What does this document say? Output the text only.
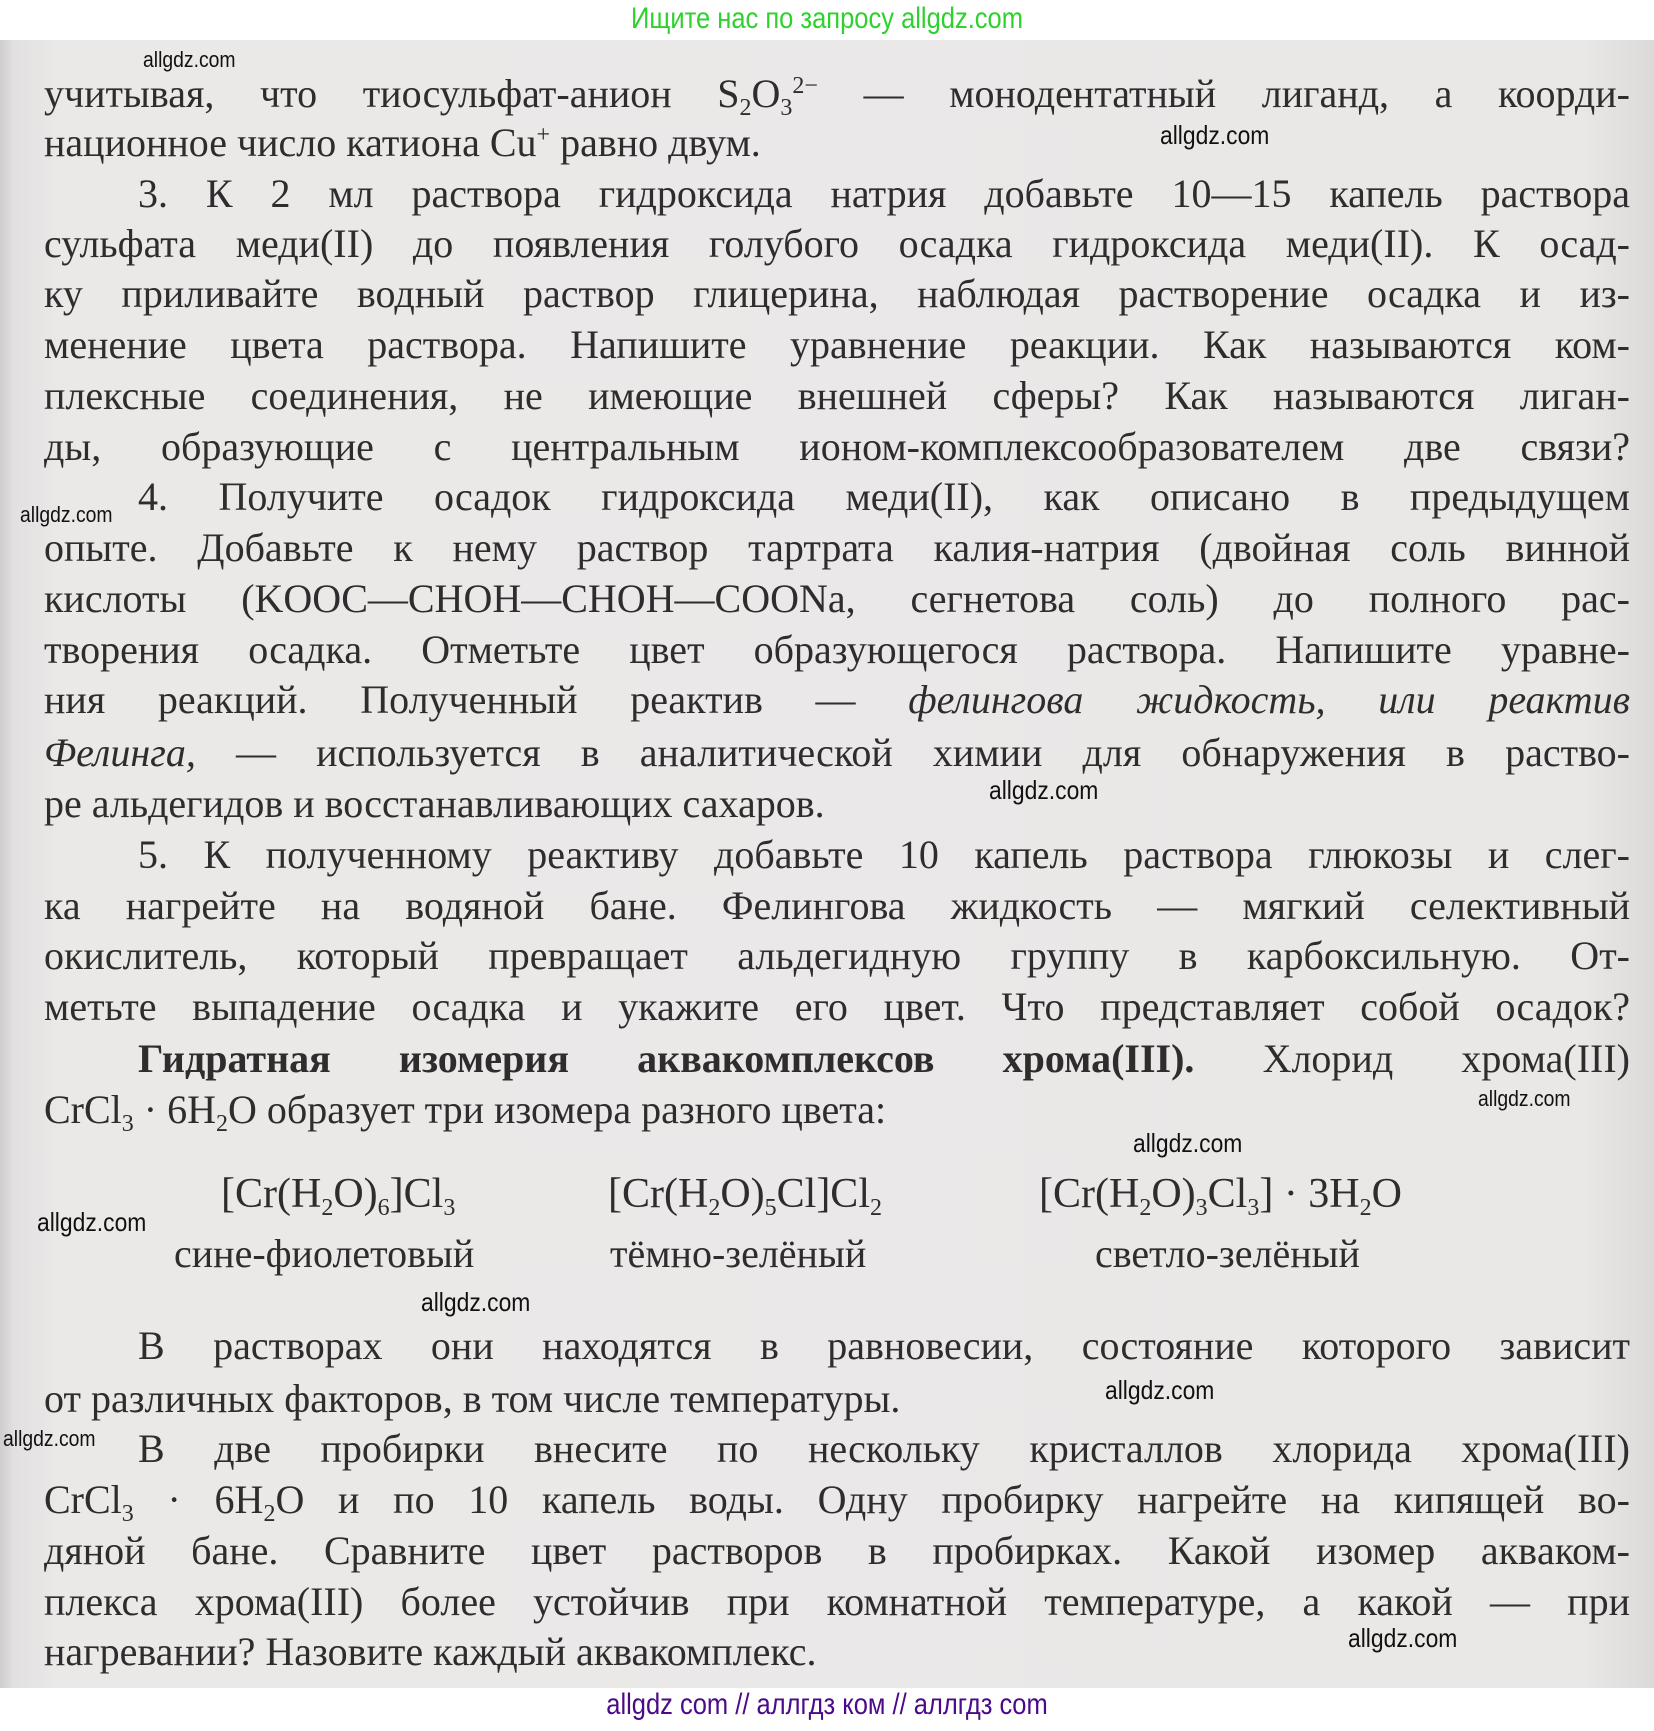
Ищите нас по запросу allgdz.com
учитывая, что тиосульфат-анион $S_2O_3^{2-}$ — монодентатный лиганд, а коорди-
национное число катиона Cu+ равно двум.
3. К 2 мл раствора гидроксида натрия добавьте 10—15 капель раствора
сульфата меди(II) до появления голубого осадка гидроксида меди(II). К осад-
ку приливайте водный раствор глицерина, наблюдая растворение осадка и из-
менение цвета раствора. Напишите уравнение реакции. Как называются ком-
плексные соединения, не имеющие внешней сферы? Как называются лиган-
ды, образующие с центральным ионом-комплексообразователем две связи?
4. Получите осадок гидроксида меди(II), как описано в предыдущем
опыте. Добавьте к нему раствор тартрата калия-натрия (двойная соль винной
кислоты (KOOC—CHOH—CHOH—COONa, сегнетова соль) до полного рас-
творения осадка. Отметьте цвет образующегося раствора. Напишите уравне-
ния реакций. Полученный реактив — фелингова жидкость, или реактив
Фелинга, — используется в аналитической химии для обнаружения в раство-
ре альдегидов и восстанавливающих сахаров.
5. К полученному реактиву добавьте 10 капель раствора глюкозы и слег-
ка нагрейте на водяной бане. Фелингова жидкость — мягкий селективный
окислитель, который превращает альдегидную группу в карбоксильную. От-
метьте выпадение осадка и укажите его цвет. Что представляет собой осадок?
Гидратная изомерия аквакомплексов хрома(III). Хлорид хрома(III)
CrCl$_3$ · $6H_2O$ образует три изомера разного цвета:
В растворах они находятся в равновесии, состояние которого зависит
от различных факторов, в том числе температуры.
В две пробирки внесите по нескольку кристаллов хлорида хрома(III)
CrCl$_3$ · $6H_2O$ и по 10 капель воды. Одну пробирку нагрейте на кипящей во-
дяной бане. Сравните цвет растворов в пробирках. Какой изомер аквaком-
плекса хрома(III) более устойчив при комнатной температуре, а какой — при
нагревании? Назовите каждый аквакомплекс.
$[Cr(H_2O)_6]Cl_3$
сине-фиолетовый
$[Cr(H_2O)_5Cl]Cl_2$
тёмно-зелёный
$[Cr(H_2O)_3Cl_3] \cdot 3H_2O$
светло-зелёный
allgdz.com
allgdz.com
allgdz.com
allgdz.com
allgdz.com
allgdz.com
allgdz.com
allgdz.com
allgdz.com
allgdz.com
allgdz.com
allgdz com // аллгдз ком // аллгдз com
